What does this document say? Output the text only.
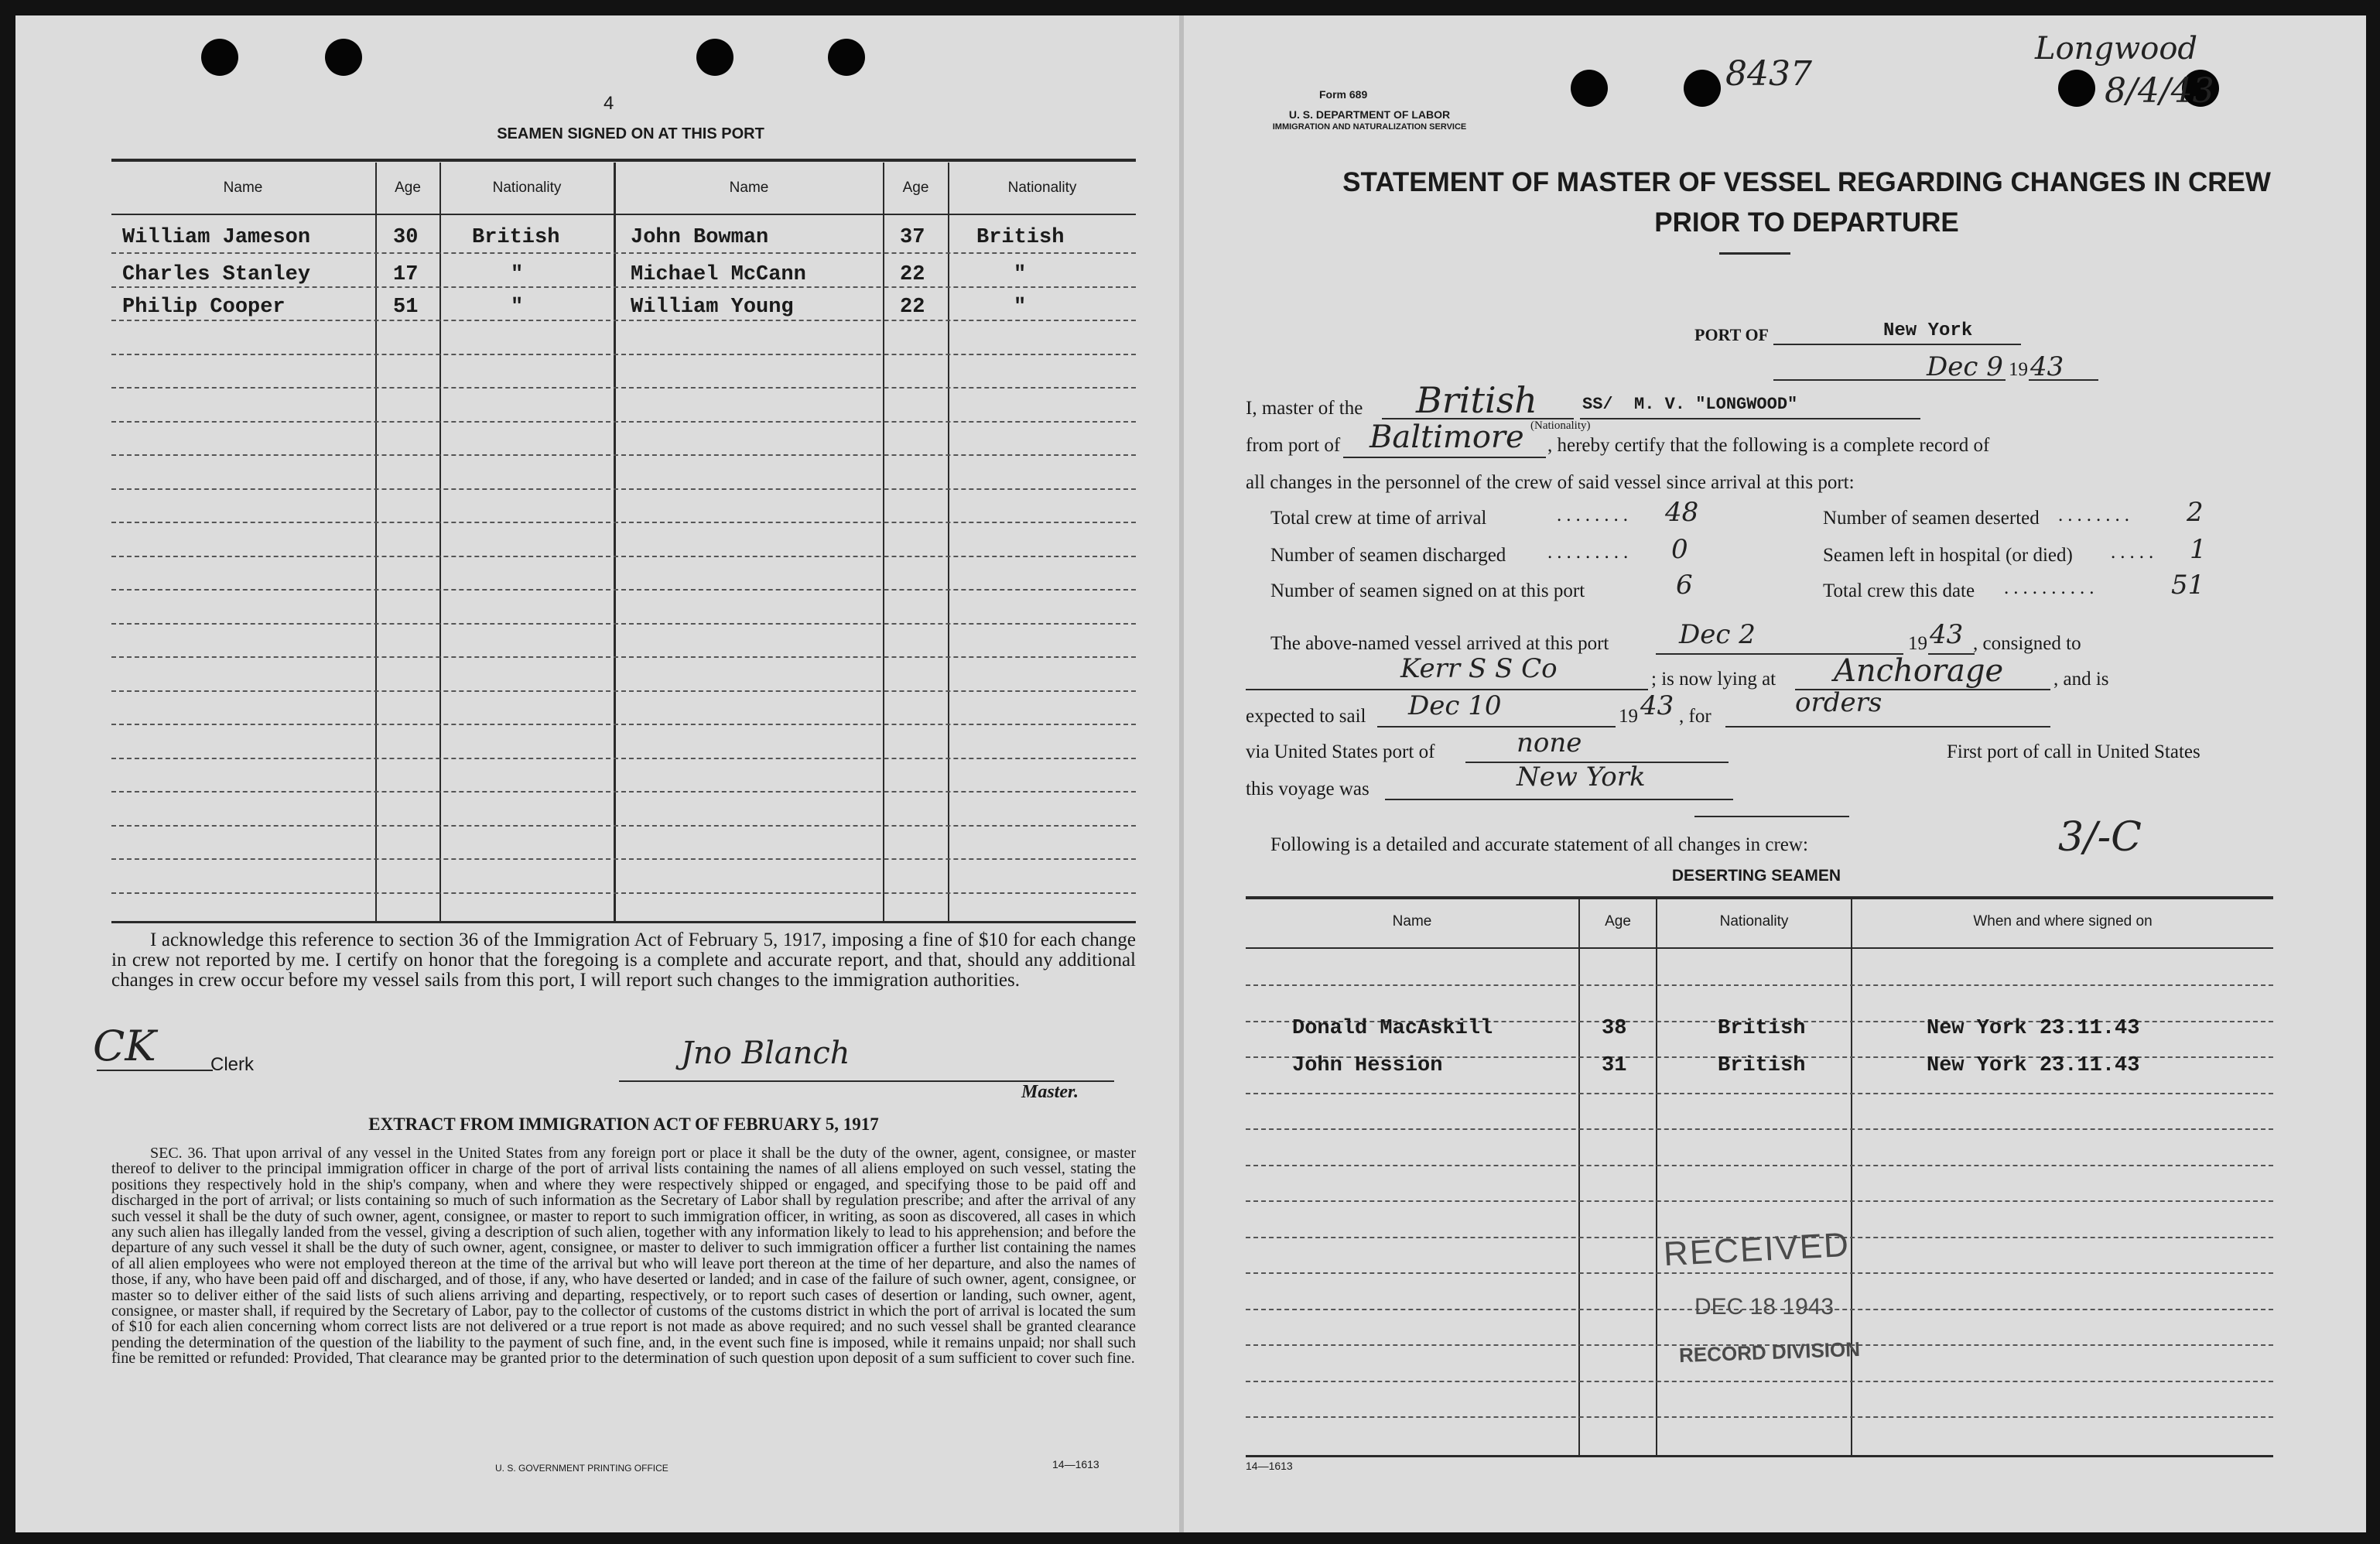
4
SEAMEN SIGNED ON AT THIS PORT
Name	Age	Nationality	Name	Age	Nationality
William Jameson	30	British	John Bowman	37 British
Charles Stanley	17	"	Michael McCann	22	"
Philip Cooper	51	"	William Young	22	"
I acknowledge this reference to section 36 of the Immigration Act of February 5, 1917, imposing a fine of $10 for each change in crew not reported by me. I certify on honor that the foregoing is a complete and accurate report, and that, should any additional changes in crew occur before my vessel sails from this port, I will report such changes to the immigration authorities.
CK	Clerk	Jno Blanch
Master.
EXTRACT FROM IMMIGRATION ACT OF FEBRUARY 5, 1917
SEC. 36. That upon arrival of any vessel in the United States from any foreign port or place it shall be the duty of the owner, agent, consignee, or master thereof to deliver to the principal immigration officer in charge of the port of arrival lists containing the names of all aliens employed on such vessel, stating the positions they respectively hold in the ship's company, when and where they were respectively shipped or engaged, and specifying those to be paid off and discharged in the port of arrival; or lists containing so much of such information as the Secretary of Labor shall by regulation prescribe; and after the arrival of any such vessel it shall be the duty of such owner, agent, consignee, or master to report to such immigration officer, in writing, as soon as discovered, all cases in which any such alien has illegally landed from the vessel, giving a description of such alien, together with any information likely to lead to his apprehension; and before the departure of any such vessel it shall be the duty of such owner, agent, consignee, or master to deliver to such immigration officer a further list containing the names of all alien employees who were not employed thereon at the time of the arrival but who will leave port thereon at the time of her departure, and also the names of those, if any, who have been paid off and discharged, and of those, if any, who have deserted or landed; and in case of the failure of such owner, agent, consignee, or master so to deliver either of the said lists of such aliens arriving and departing, respectively, or to report such cases of desertion or landing, such owner, agent, consignee, or master shall, if required by the Secretary of Labor, pay to the collector of customs of the customs district in which the port of arrival is located the sum of $10 for each alien concerning whom correct lists are not delivered or a true report is not made as above required; and no such vessel shall be granted clearance pending the determination of the question of the liability to the payment of such fine, and, in the event such fine is imposed, while it remains unpaid; nor shall such fine be remitted or refunded: Provided, That clearance may be granted prior to the determination of such question upon deposit of a sum sufficient to cover such fine.
U. S. GOVERNMENT PRINTING OFFICE	14—1613
8437
Longwood
8/4/43
Form 689
U. S. DEPARTMENT OF LABOR
IMMIGRATION AND NATURALIZATION SERVICE
STATEMENT OF MASTER OF VESSEL REGARDING CHANGES IN CREW
PRIOR TO DEPARTURE
PORT OF	New York
Dec 9 19 43
I, master of the British
(Nationality)
SS/ M. V. "LONGWOOD"
from port of Baltimore , hereby certify that the following is a complete record of
all changes in the personnel of the crew of said vessel since arrival at this port:
Total crew at time of arrival	........ 48	Number of seamen deserted ........ 2
Number of seamen discharged ......... 0	Seamen left in hospital (or died) ..... 1
Number of seamen signed on at this port	6	Total crew this date ..........	51
The above-named vessel arrived at this port	Dec 2	19 43 , consigned to
Kerr S S Co	; is now lying at Anchorage	, and is
expected to sail Dec 10	19 43 , for	orders
via United States port of	none	First port of call in United States
this voyage was	New York
Following is a detailed and accurate statement of all changes in crew:	3/-C
DESERTING SEAMEN
Name	Age	Nationality	When and where signed on
Donald MacAskill	38	British	New York 23.11.43
John Hession	31	British	New York 23.11.43
RECEIVED
DEC 18 1943
RECORD DIVISION
14—1613
